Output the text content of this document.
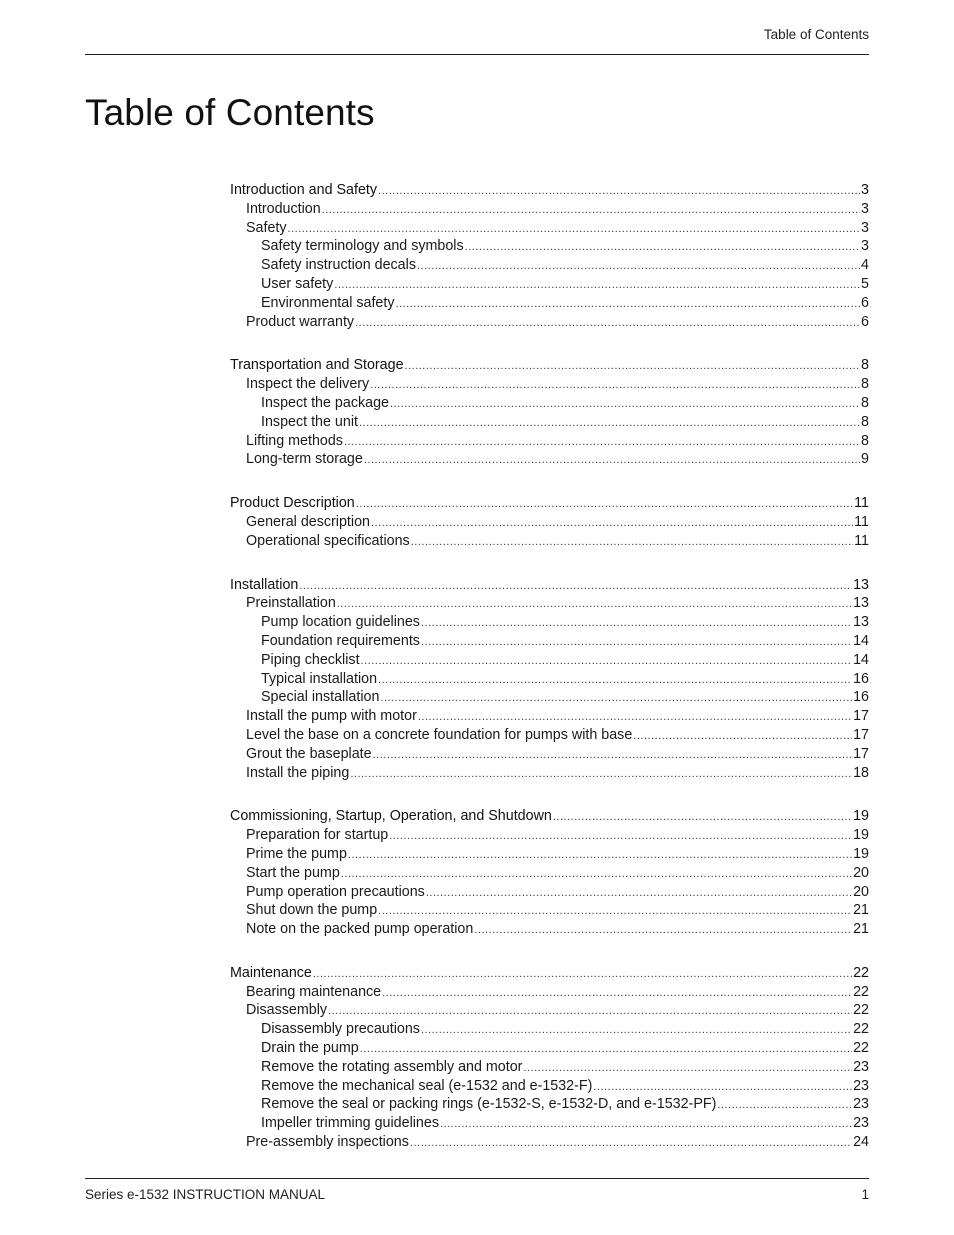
Table of Contents
Table of Contents
Introduction and Safety .....	3
Introduction .....	3
Safety .....	3
Safety terminology and symbols .....	3
Safety instruction decals .....	4
User safety .....	5
Environmental safety .....	6
Product warranty .....	6
Transportation and Storage .....	8
Inspect the delivery .....	8
Inspect the package .....	8
Inspect the unit .....	8
Lifting methods .....	8
Long-term storage .....	9
Product Description .....	11
General description .....	11
Operational specifications .....	11
Installation .....	13
Preinstallation .....	13
Pump location guidelines .....	13
Foundation requirements .....	14
Piping checklist .....	14
Typical installation .....	16
Special installation .....	16
Install the pump with motor .....	17
Level the base on a concrete foundation for pumps with base .....	17
Grout the baseplate .....	17
Install the piping .....	18
Commissioning, Startup, Operation, and Shutdown .....	19
Preparation for startup .....	19
Prime the pump .....	19
Start the pump .....	20
Pump operation precautions .....	20
Shut down the pump .....	21
Note on the packed pump operation .....	21
Maintenance .....	22
Bearing maintenance .....	22
Disassembly .....	22
Disassembly precautions .....	22
Drain the pump .....	22
Remove the rotating assembly and motor .....	23
Remove the mechanical seal (e-1532 and e-1532-F) .....	23
Remove the seal or packing rings (e-1532-S, e-1532-D, and e-1532-PF) .....	23
Impeller trimming guidelines .....	23
Pre-assembly inspections .....	24
Series e-1532 INSTRUCTION MANUAL	1
